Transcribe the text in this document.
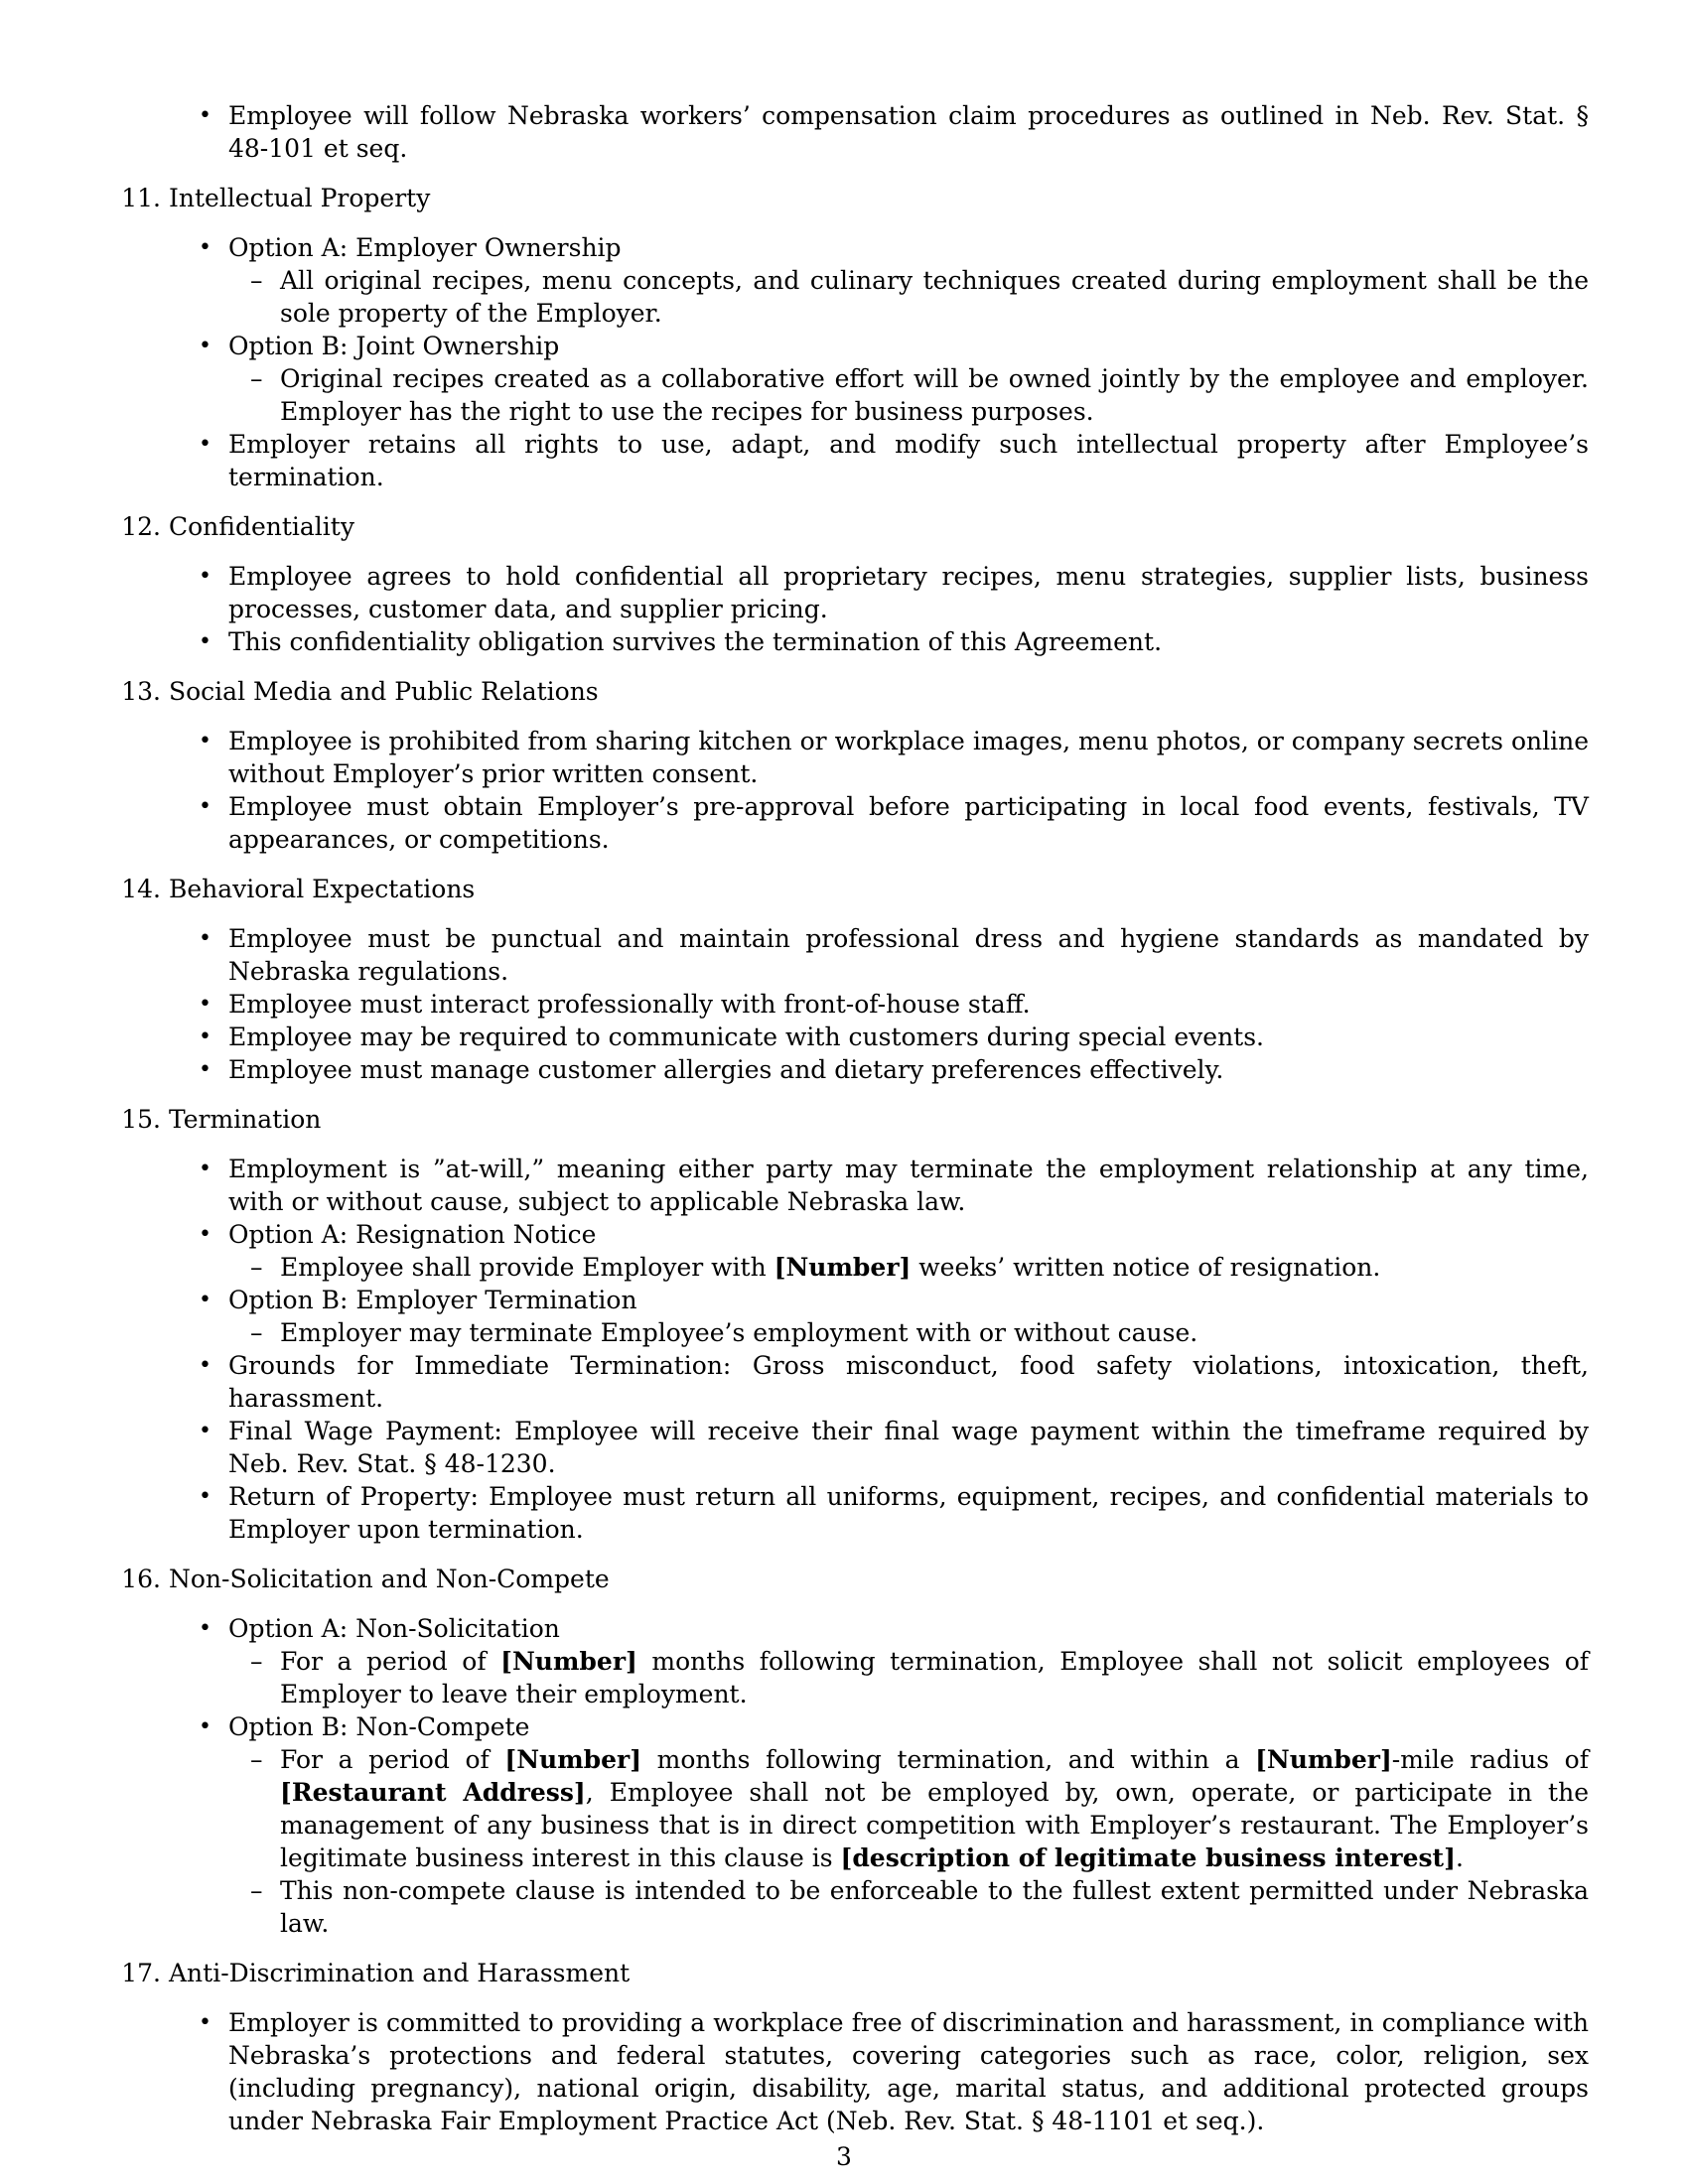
• Employee will follow Nebraska workers’ compensation claim procedures as outlined in Neb. Rev. Stat. § 48-101 et seq.
11. Intellectual Property
• Option A: Employer Ownership
– All original recipes, menu concepts, and culinary techniques created during employment shall be the sole property of the Employer.
• Option B: Joint Ownership
– Original recipes created as a collaborative effort will be owned jointly by the employee and employer. Employer has the right to use the recipes for business purposes.
• Employer retains all rights to use, adapt, and modify such intellectual property after Employee’s termination.
12. Confidentiality
• Employee agrees to hold confidential all proprietary recipes, menu strategies, supplier lists, business processes, customer data, and supplier pricing.
• This confidentiality obligation survives the termination of this Agreement.
13. Social Media and Public Relations
• Employee is prohibited from sharing kitchen or workplace images, menu photos, or company secrets online without Employer’s prior written consent.
• Employee must obtain Employer’s pre-approval before participating in local food events, festivals, TV appearances, or competitions.
14. Behavioral Expectations
• Employee must be punctual and maintain professional dress and hygiene standards as mandated by Nebraska regulations.
• Employee must interact professionally with front-of-house staff.
• Employee may be required to communicate with customers during special events.
• Employee must manage customer allergies and dietary preferences effectively.
15. Termination
• Employment is ”at-will,” meaning either party may terminate the employment relationship at any time, with or without cause, subject to applicable Nebraska law.
• Option A: Resignation Notice
– Employee shall provide Employer with [Number] weeks’ written notice of resignation.
• Option B: Employer Termination
– Employer may terminate Employee’s employment with or without cause.
• Grounds for Immediate Termination: Gross misconduct, food safety violations, intoxication, theft, harassment.
• Final Wage Payment: Employee will receive their final wage payment within the timeframe required by Neb. Rev. Stat. § 48-1230.
• Return of Property: Employee must return all uniforms, equipment, recipes, and confidential materials to Employer upon termination.
16. Non-Solicitation and Non-Compete
• Option A: Non-Solicitation
– For a period of [Number] months following termination, Employee shall not solicit employees of Employer to leave their employment.
• Option B: Non-Compete
– For a period of [Number] months following termination, and within a [Number]-mile radius of [Restaurant Address], Employee shall not be employed by, own, operate, or participate in the management of any business that is in direct competition with Employer’s restaurant. The Employer’s legitimate business interest in this clause is [description of legitimate business interest].
– This non-compete clause is intended to be enforceable to the fullest extent permitted under Nebraska law.
17. Anti-Discrimination and Harassment
• Employer is committed to providing a workplace free of discrimination and harassment, in compliance with Nebraska’s protections and federal statutes, covering categories such as race, color, religion, sex (including pregnancy), national origin, disability, age, marital status, and additional protected groups under Nebraska Fair Employment Practice Act (Neb. Rev. Stat. § 48-1101 et seq.).
3
